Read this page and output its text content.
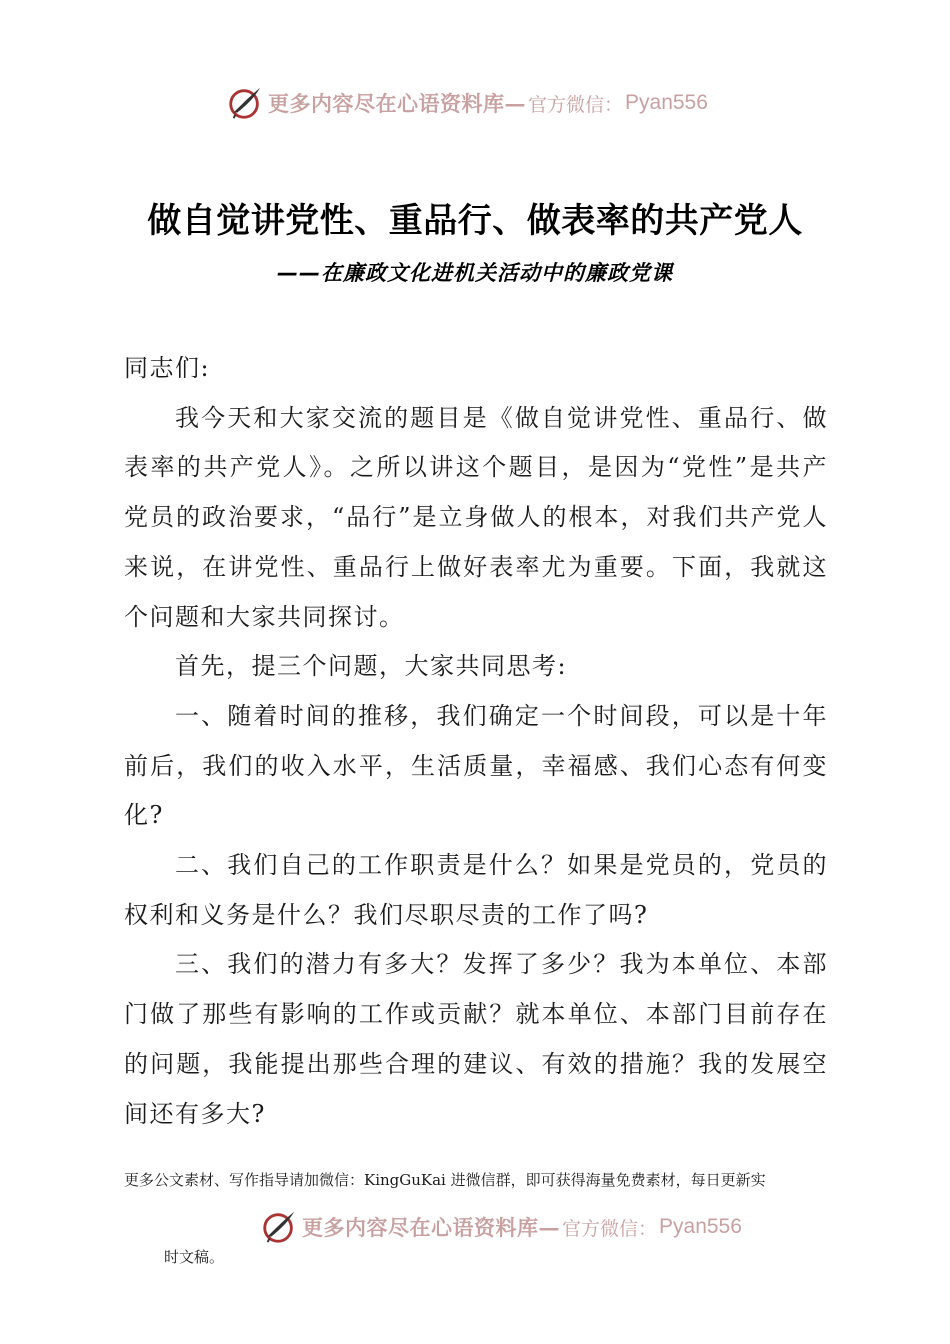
更多内容尽在心语资料库 — 官方微信： Pyan556
做自觉讲党性、重品行、做表率的共产党人
——在廉政文化进机关活动中的廉政党课

同志们:

我今天和大家交流的题目是《做自觉讲党性、重品行、做表率的共产党人》。之所以讲这个题目，是因为“党性”是共产党员的政治要求，“品行”是立身做人的根本，对我们共产党人来说，在讲党性、重品行上做好表率尤为重要。下面，我就这个问题和大家共同探讨。

首先，提三个问题，大家共同思考:

一、随着时间的推移，我们确定一个时间段，可以是十年前后，我们的收入水平，生活质量，幸福感、我们心态有何变化?

二、我们自己的工作职责是什么？如果是党员的，党员的权利和义务是什么？我们尽职尽责的工作了吗?

三、我们的潜力有多大？发挥了多少？我为本单位、本部门做了那些有影响的工作或贡献？就本单位、本部门目前存在的问题，我能提出那些合理的建议、有效的措施？我的发展空间还有多大?

更多公文素材、写作指导请加微信：KingGuKai 进微信群，即可获得海量免费素材，每日更新实
更多内容尽在心语资料库 — 官方微信： Pyan556
时文稿。
